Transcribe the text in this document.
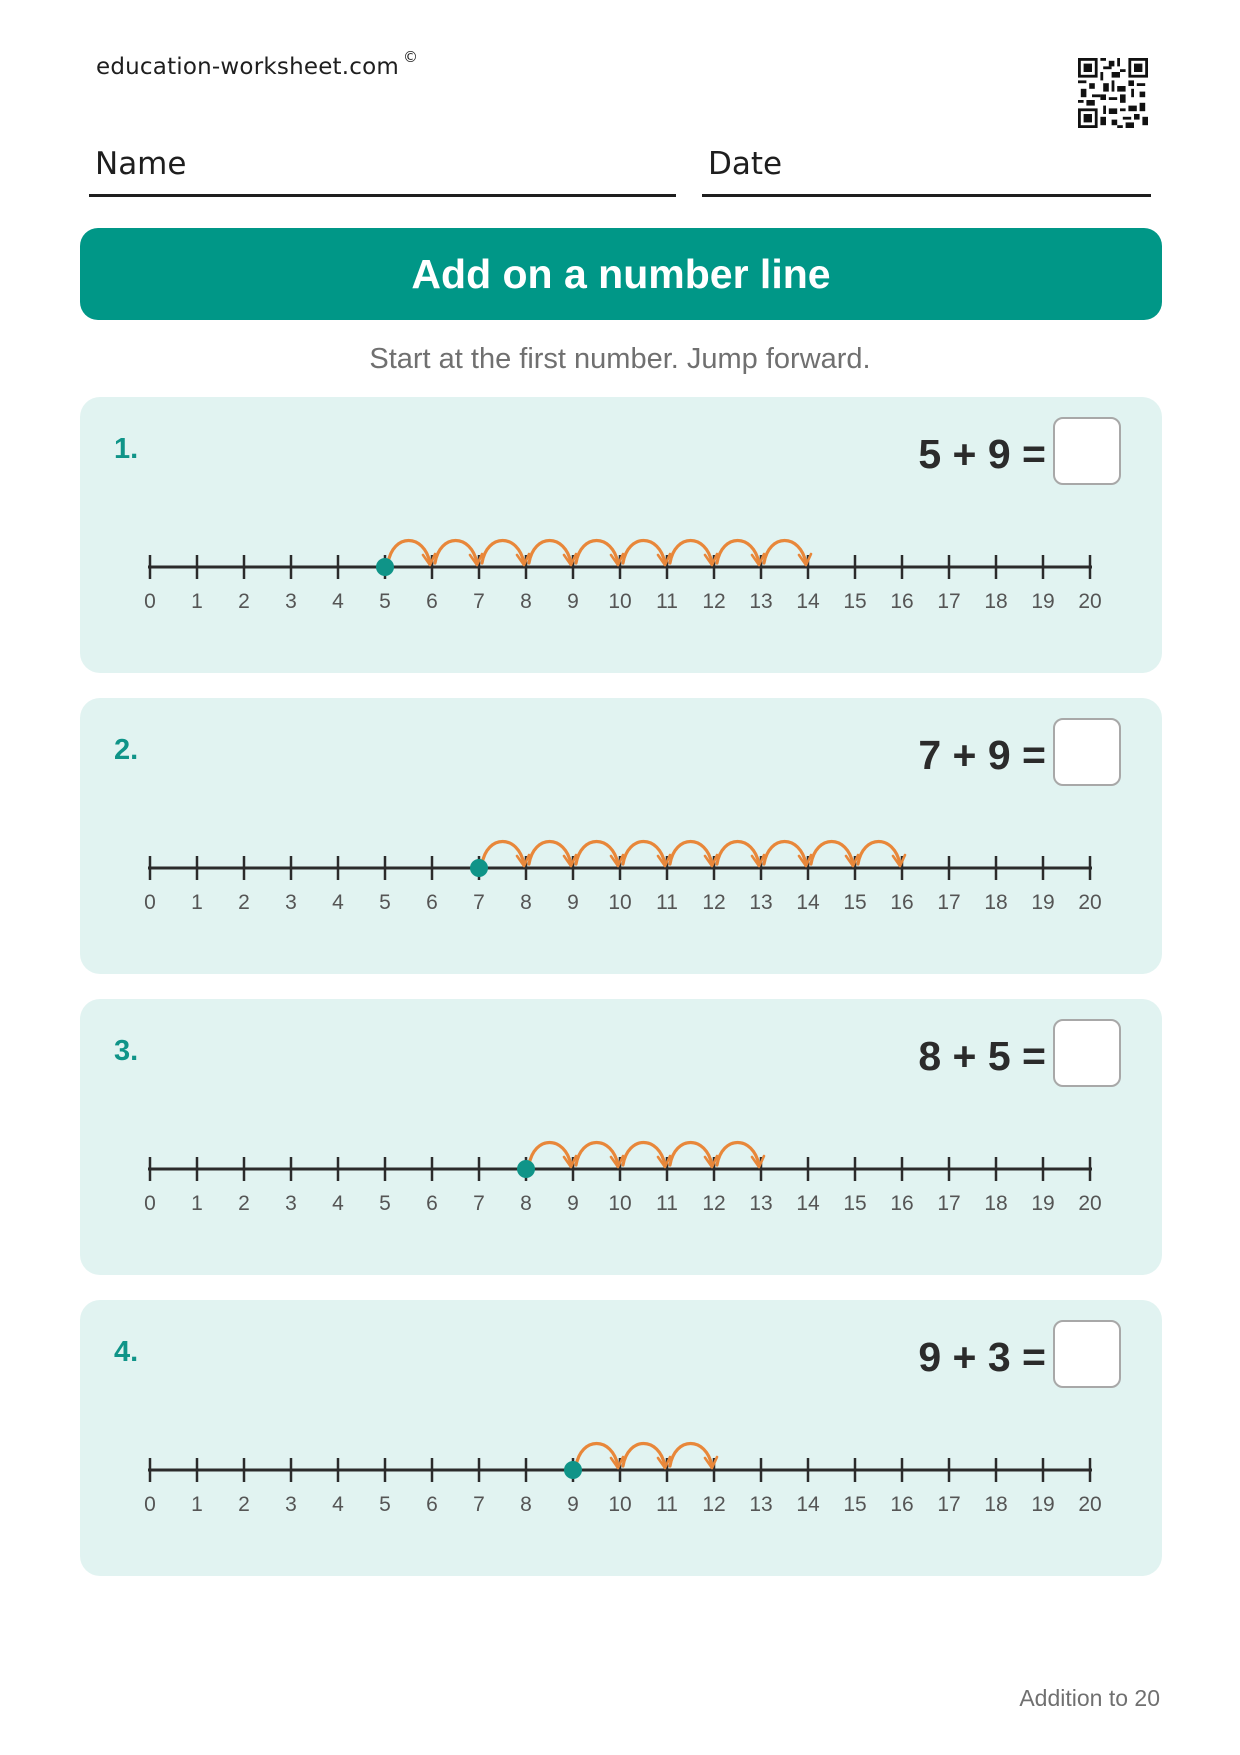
education-worksheet.com ©
Name	Date
Add on a number line
Start at the first number. Jump forward.
1.	5 + 9 =
0 1 2 3 4 5 6 7 8 9 10 11 12 13 14 15 16 17 18 19 20
2.	7 + 9 =
0 1 2 3 4 5 6 7 8 9 10 11 12 13 14 15 16 17 18 19 20
3.	8 + 5 =
0 1 2 3 4 5 6 7 8 9 10 11 12 13 14 15 16 17 18 19 20
4.	9 + 3 =
0 1 2 3 4 5 6 7 8 9 10 11 12 13 14 15 16 17 18 19 20
Addition to 20
